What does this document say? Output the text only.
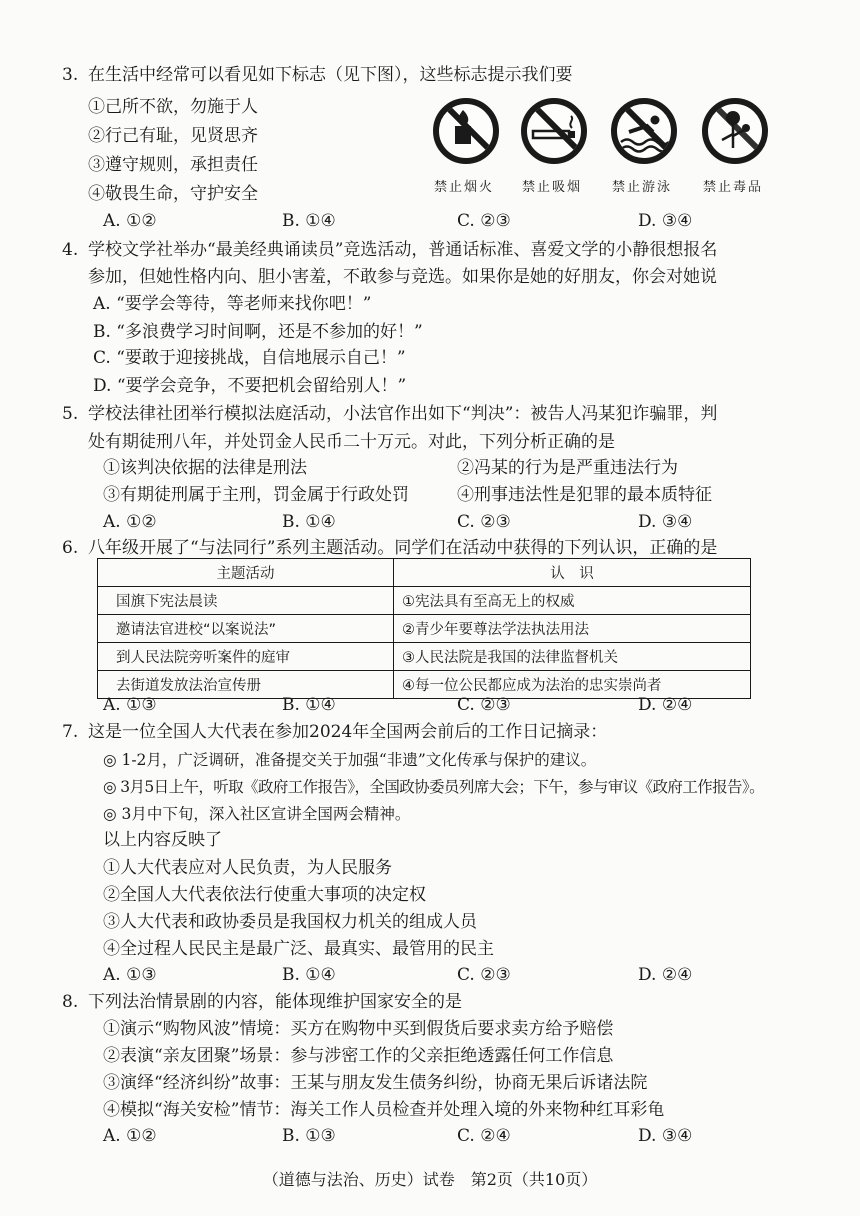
3. 在生活中经常可以看见如下标志（见下图），这些标志提示我们要
①己所不欲，勿施于人
②行己有耻，见贤思齐
③遵守规则，承担责任
④敬畏生命，守护安全	禁止烟火 禁止吸烟 禁止游泳 禁止毒品
A. ①②	B. ①④	C. ②③	D. ③④
4. 学校文学社举办“最美经典诵读员”竞选活动，普通话标准、喜爱文学的小静很想报名
参加，但她性格内向、胆小害羞，不敢参与竞选。如果你是她的好朋友，你会对她说
A. “要学会等待，等老师来找你吧！”
B. “多浪费学习时间啊，还是不参加的好！”
C. “要敢于迎接挑战，自信地展示自己！”
D. “要学会竞争，不要把机会留给别人！”
5. 学校法律社团举行模拟法庭活动，小法官作出如下“判决”：被告人冯某犯诈骗罪，判
处有期徒刑八年，并处罚金人民币二十万元。对此，下列分析正确的是
①该判决依据的法律是刑法	②冯某的行为是严重违法行为
③有期徒刑属于主刑，罚金属于行政处罚	④刑事违法性是犯罪的最本质特征
A. ①②	B. ①④	C. ②③	D. ③④
6. 八年级开展了“与法同行”系列主题活动。同学们在活动中获得的下列认识，正确的是
主题活动	认　识
国旗下宪法晨读	①宪法具有至高无上的权威
邀请法官进校“以案说法”	②青少年要尊法学法执法用法
到人民法院旁听案件的庭审	③人民法院是我国的法律监督机关
去街道发放法治宣传册	④每一位公民都应成为法治的忠实崇尚者
A. ①③	B. ①④	C. ②③	D. ②④
7. 这是一位全国人大代表在参加2024年全国两会前后的工作日记摘录：
◎ 1-2月，广泛调研，准备提交关于加强“非遗”文化传承与保护的建议。
◎ 3月5日上午，听取《政府工作报告》，全国政协委员列席大会；下午，参与审议《政府工作报告》。
◎ 3月中下旬，深入社区宣讲全国两会精神。
以上内容反映了
①人大代表应对人民负责，为人民服务
②全国人大代表依法行使重大事项的决定权
③人大代表和政协委员是我国权力机关的组成人员
④全过程人民民主是最广泛、最真实、最管用的民主
A. ①③	B. ①④	C. ②③	D. ②④
8. 下列法治情景剧的内容，能体现维护国家安全的是
①演示“购物风波”情境：买方在购物中买到假货后要求卖方给予赔偿
②表演“亲友团聚”场景：参与涉密工作的父亲拒绝透露任何工作信息
③演绎“经济纠纷”故事：王某与朋友发生债务纠纷，协商无果后诉诸法院
④模拟“海关安检”情节：海关工作人员检查并处理入境的外来物种红耳彩龟
A. ①②	B. ①③	C. ②④	D. ③④
（道德与法治、历史）试卷　第2页（共10页）
